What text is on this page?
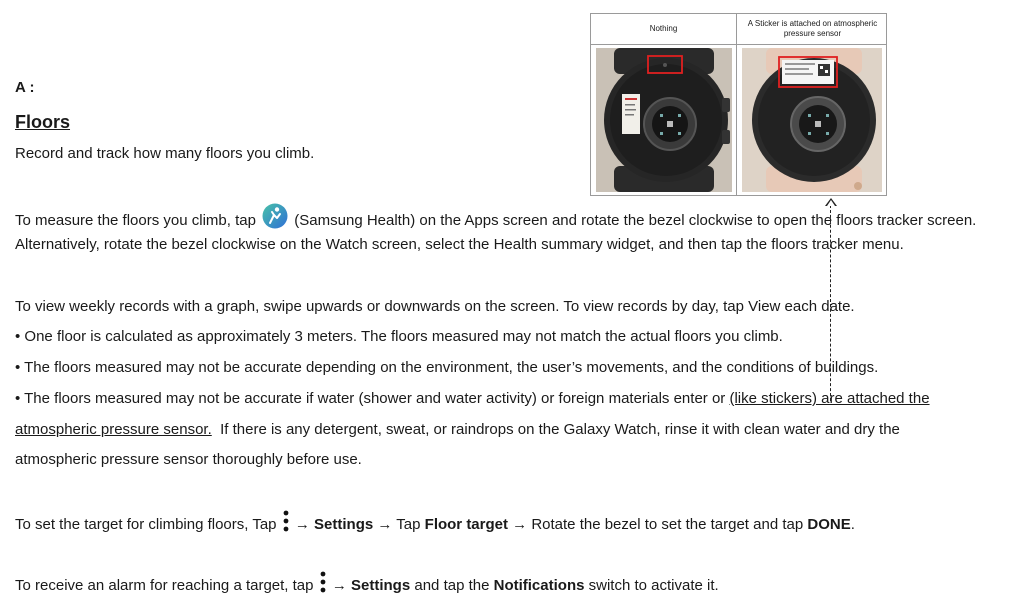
A :
Floors
Record and track how many floors you climb.
To measure the floors you climb, tap	(Samsung Health) on the Apps screen and rotate the bezel clockwise to open the floors tracker screen.
Alternatively, rotate the bezel clockwise on the Watch screen, select the Health summary widget, and then tap the floors tracker menu.
To view weekly records with a graph, swipe upwards or downwards on the screen. To view records by day, tap View each date.
• One floor is calculated as approximately 3 meters. The floors measured may not match the actual floors you climb.
• The floors measured may not be accurate depending on the environment, the user’s movements, and the conditions of buildings.
• The floors measured may not be accurate if water (shower and water activity) or foreign materials enter or (like stickers) are attached the
atmospheric pressure sensor.  If there is any detergent, sweat, or raindrops on the Galaxy Watch, rinse it with clean water and dry the
atmospheric pressure sensor thoroughly before use.
To set the target for climbing floors, Tap  → Settings → Tap Floor target → Rotate the bezel to set the target and tap DONE.
To receive an alarm for reaching a target, tap  → Settings and tap the Notifications switch to activate it.
Nothing
A Sticker is attached on atmospheric pressure sensor
